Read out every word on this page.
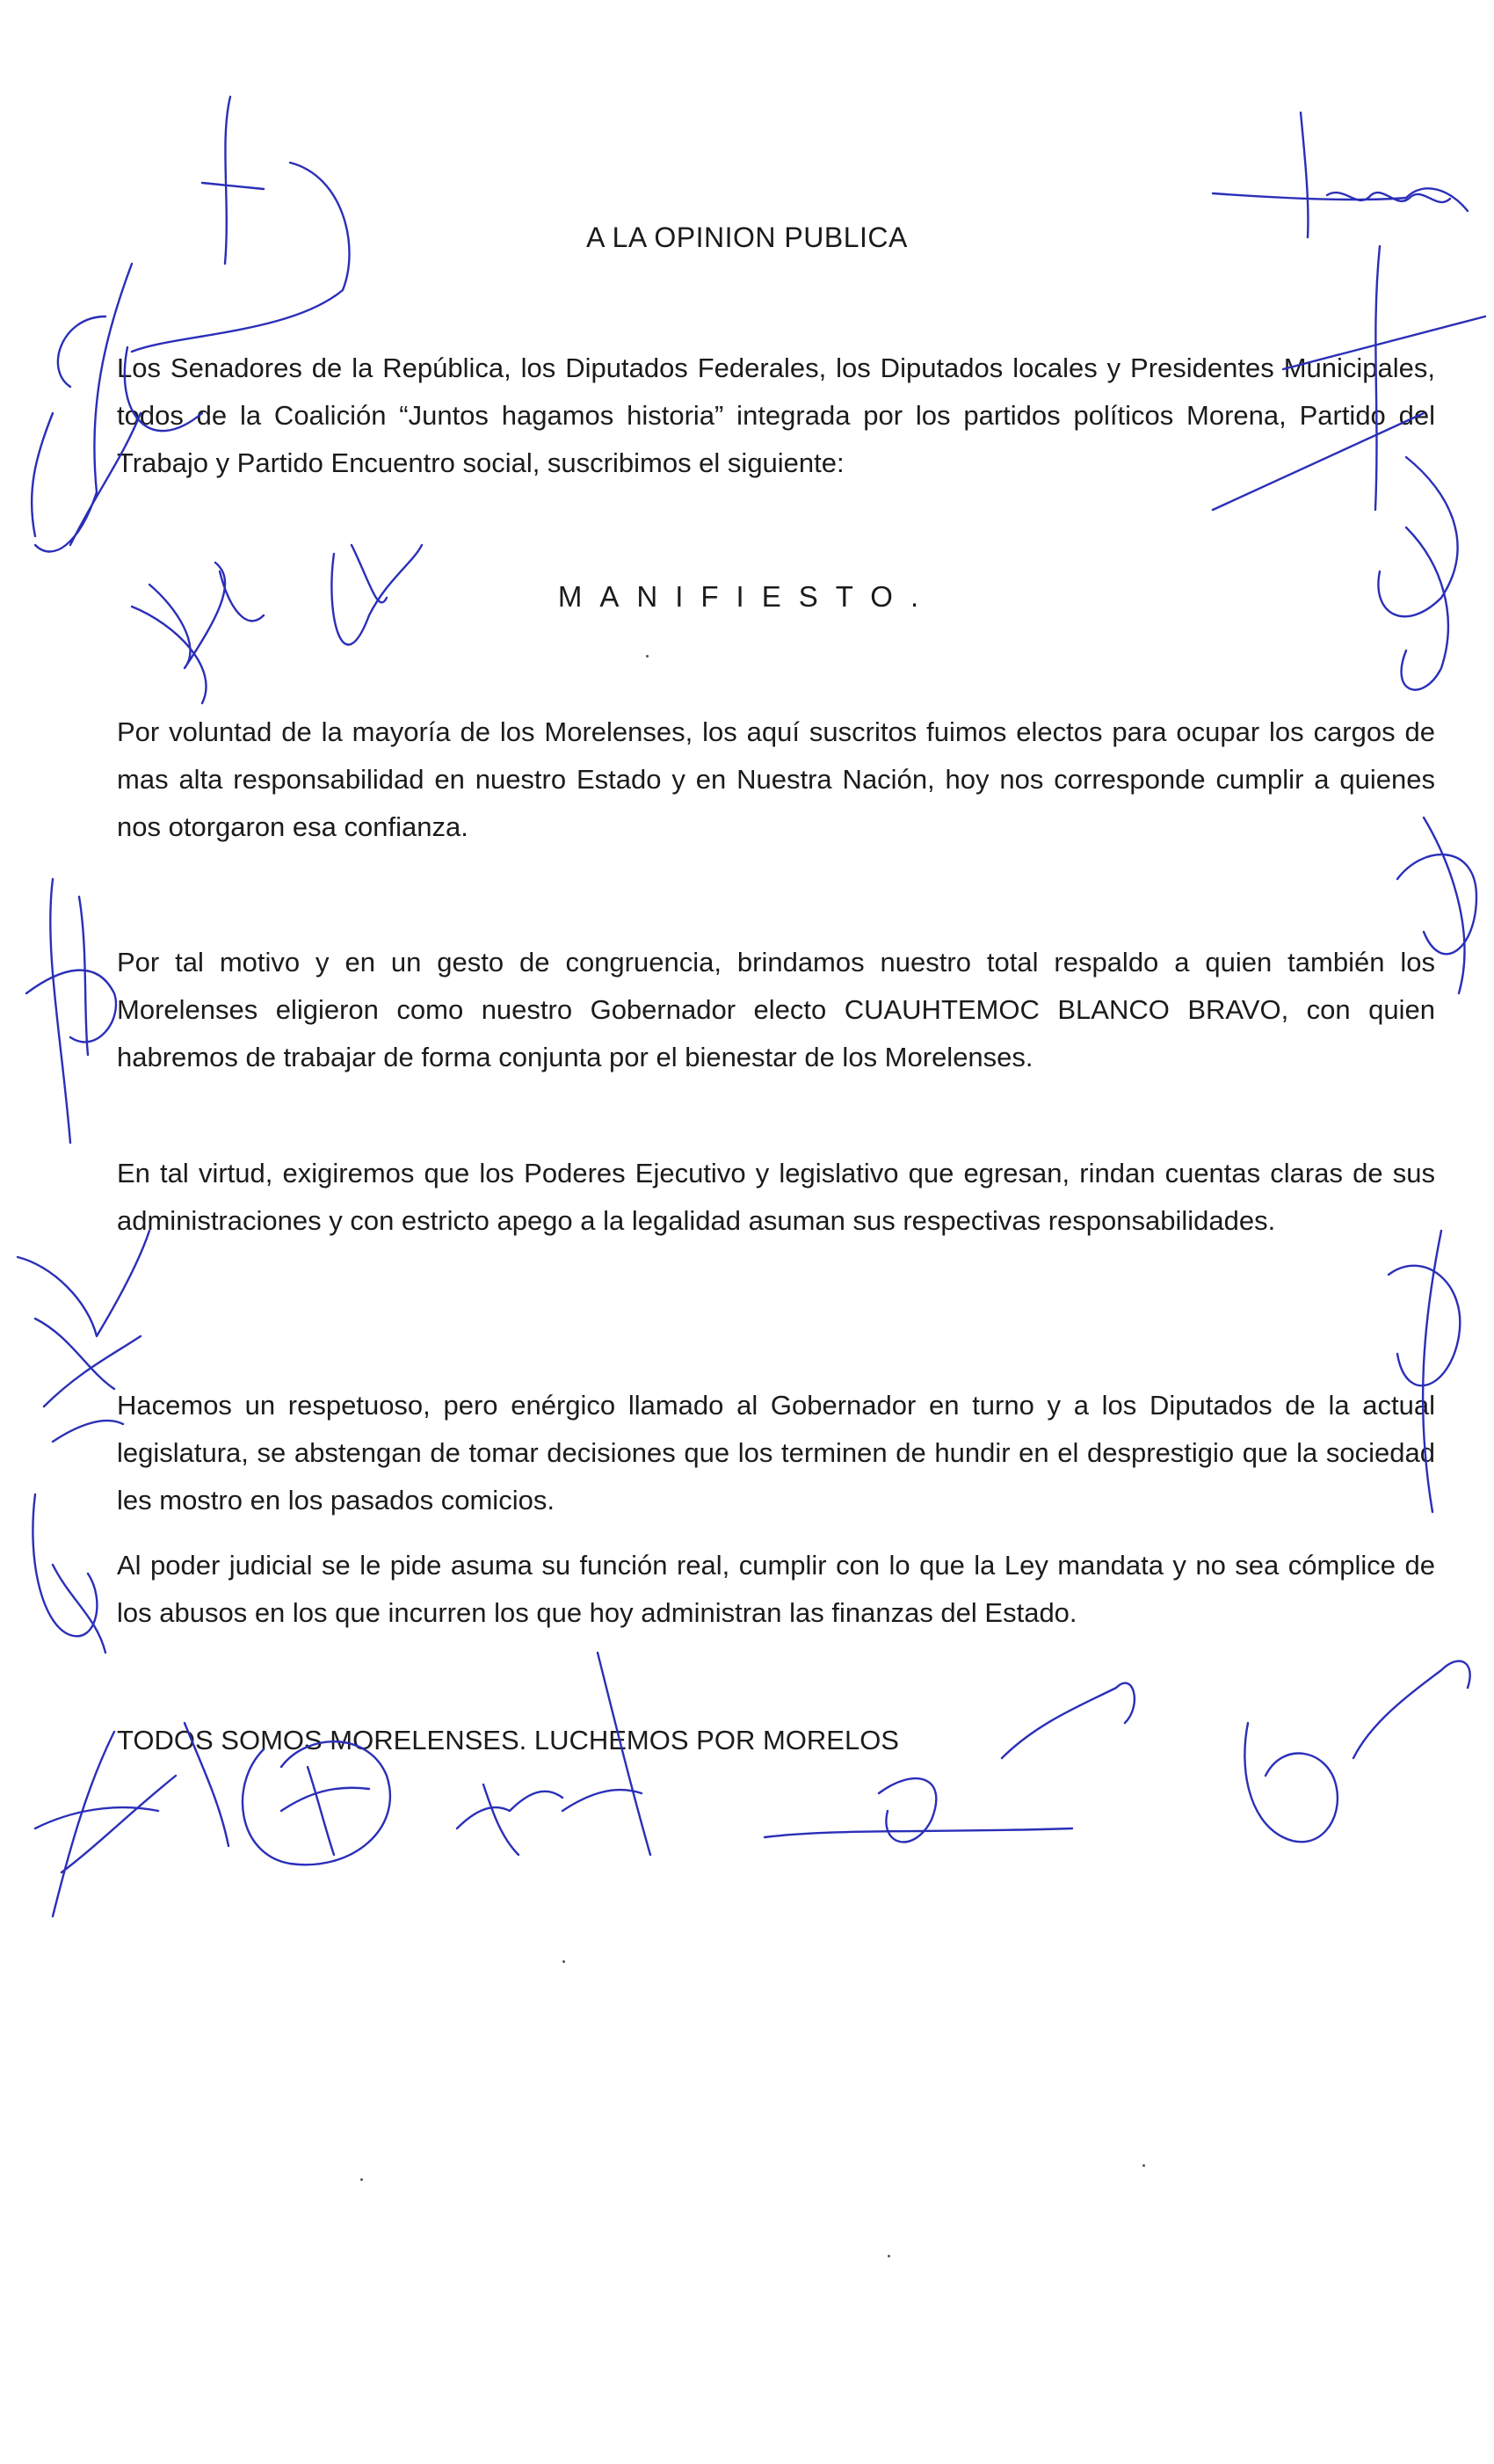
A LA OPINION PUBLICA
Los Senadores de la República, los Diputados Federales, los Diputados locales y Presidentes Municipales, todos de la Coalición “Juntos hagamos historia” integrada por los partidos políticos Morena, Partido del Trabajo y Partido Encuentro social, suscribimos el siguiente:
MANIFIESTO.
Por voluntad de la mayoría de los Morelenses, los aquí suscritos fuimos electos para ocupar los cargos de mas alta responsabilidad en nuestro Estado y en Nuestra Nación, hoy nos corresponde cumplir a quienes nos otorgaron esa confianza.
Por tal motivo y en un gesto de congruencia, brindamos nuestro total respaldo a quien también los Morelenses eligieron como nuestro Gobernador electo CUAUHTEMOC BLANCO BRAVO, con quien habremos de trabajar de forma conjunta por el bienestar de los Morelenses.
En tal virtud, exigiremos que los Poderes Ejecutivo y legislativo que egresan, rindan cuentas claras de sus administraciones y con estricto apego a la legalidad asuman sus respectivas responsabilidades.
Hacemos un respetuoso, pero enérgico llamado al Gobernador en turno y a los Diputados de la actual legislatura, se abstengan de tomar decisiones que los terminen de hundir en el desprestigio que la sociedad les mostro en los pasados comicios.
Al poder judicial se le pide asuma su función real, cumplir con lo que la Ley mandata y no sea cómplice de los abusos en los que incurren los que hoy administran las finanzas del Estado.
TODOS SOMOS MORELENSES. LUCHEMOS POR MORELOS
